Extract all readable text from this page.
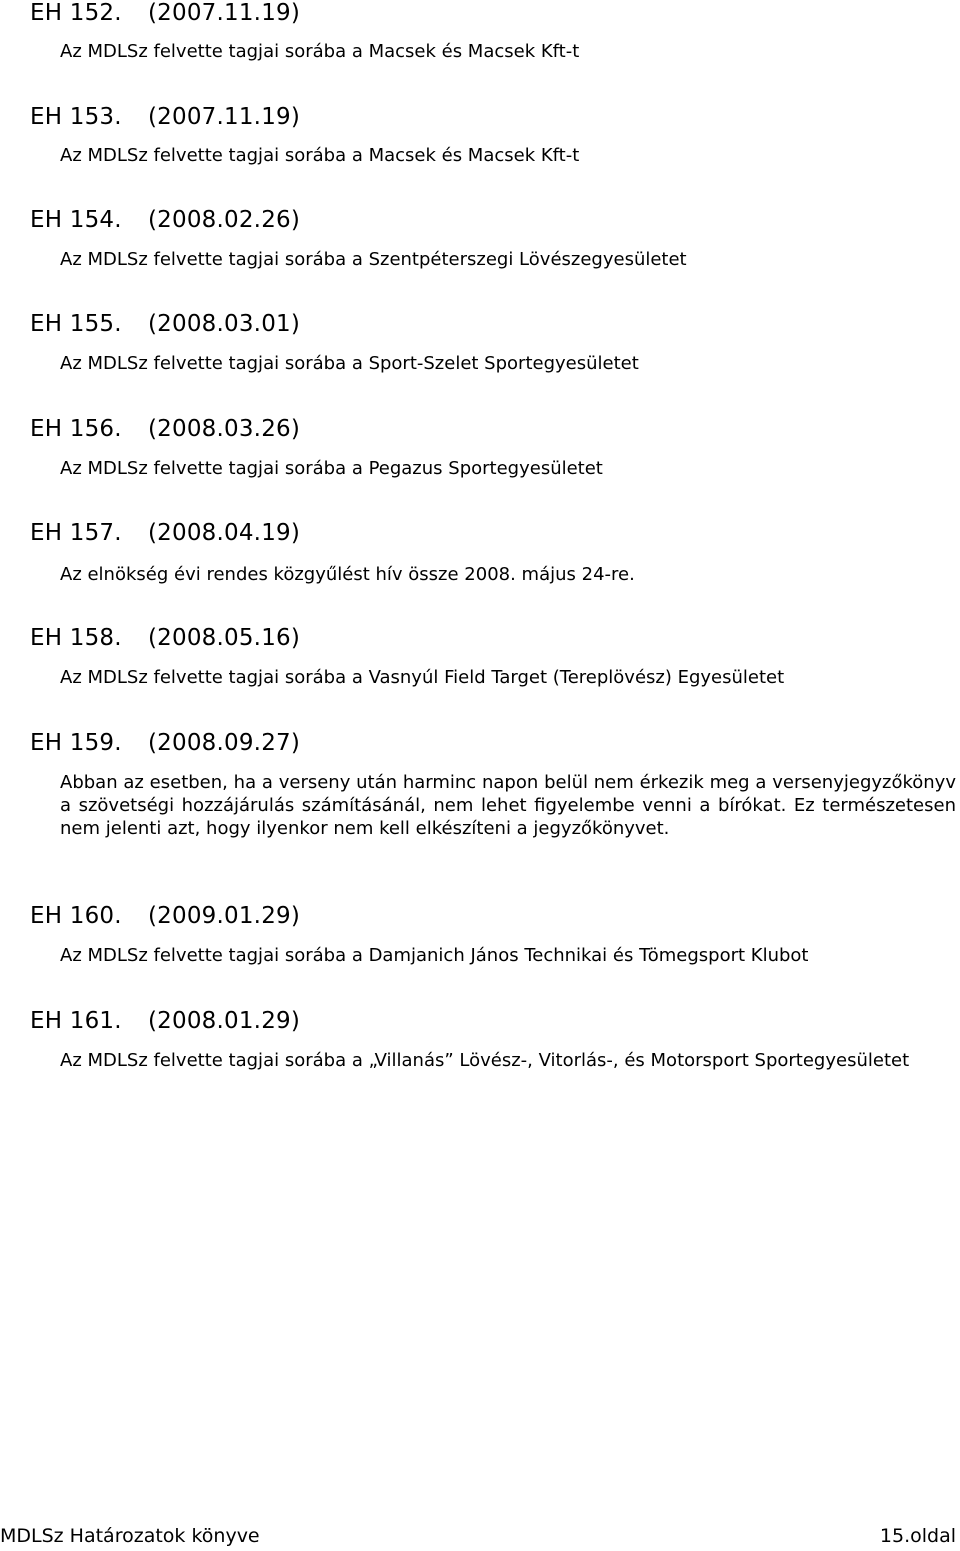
EH 152. (2007.11.19)
Az MDLSz felvette tagjai sorába a Macsek és Macsek Kft-t
EH 153. (2007.11.19)
Az MDLSz felvette tagjai sorába a Macsek és Macsek Kft-t
EH 154. (2008.02.26)
Az MDLSz felvette tagjai sorába a Szentpéterszegi Lövészegyesületet
EH 155. (2008.03.01)
Az MDLSz felvette tagjai sorába a Sport-Szelet Sportegyesületet
EH 156. (2008.03.26)
Az MDLSz felvette tagjai sorába a Pegazus Sportegyesületet
EH 157. (2008.04.19)
Az elnökség évi rendes közgyűlést hív össze 2008. május 24-re.
EH 158. (2008.05.16)
Az MDLSz felvette tagjai sorába a Vasnyúl Field Target (Tereplövész) Egyesületet
EH 159. (2008.09.27)
Abban az esetben, ha a verseny után harminc napon belül nem érkezik meg a versenyjegyzőkönyv a szövetségi hozzájárulás számításánál, nem lehet figyelembe venni a bírókat. Ez természetesen nem jelenti azt, hogy ilyenkor nem kell elkészíteni a jegyzőkönyvet.
EH 160. (2009.01.29)
Az MDLSz felvette tagjai sorába a Damjanich János Technikai és Tömegsport Klubot
EH 161. (2008.01.29)
Az MDLSz felvette tagjai sorába a „Villanás” Lövész-, Vitorlás-, és Motorsport Sportegyesületet
MDLSz Határozatok könyve	15.oldal
